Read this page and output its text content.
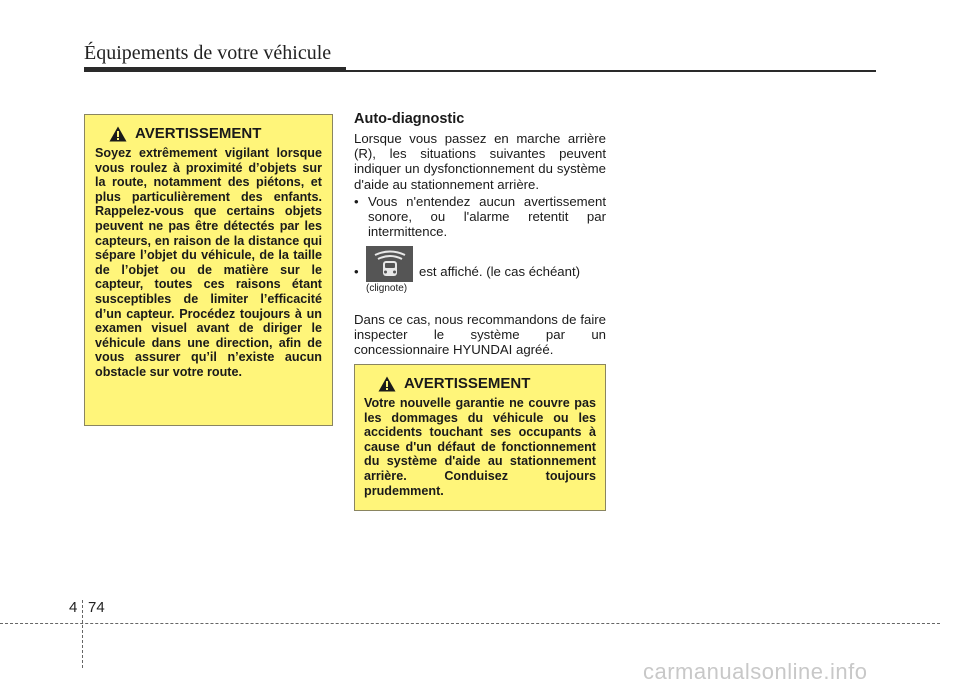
Équipements de votre véhicule
AVERTISSEMENT
Soyez extrêmement vigilant lorsque vous roulez à proximité d’objets sur la route, notamment des piétons, et plus particulièrement des enfants. Rappelez-vous que certains objets peuvent ne pas être détectés par les capteurs, en raison de la distance qui sépare l’objet du véhicule, de la taille de l’objet ou de matière sur le capteur, toutes ces raisons étant susceptibles de limiter l’efficacité d’un capteur. Procédez toujours à un examen visuel avant de diriger le véhicule dans une direction, afin de vous assurer qu’il n’existe aucun obstacle sur votre route.
Auto-diagnostic
Lorsque vous passez en marche arrière (R), les situations suivantes peuvent indiquer un dysfonctionnement du système d'aide au stationnement arrière.
• Vous n'entendez aucun avertissement sonore, ou l'alarme retentit par intermittence.
•
(clignote)
est affiché. (le cas échéant)
Dans ce cas, nous recommandons de faire inspecter le système par un concessionnaire HYUNDAI agréé.
AVERTISSEMENT
Votre nouvelle garantie ne couvre pas les dommages du véhicule ou les accidents touchant ses occupants à cause d'un défaut de fonctionnement du système d'aide au stationnement arrière. Conduisez toujours prudemment.
4 74
carmanualsonline.info
